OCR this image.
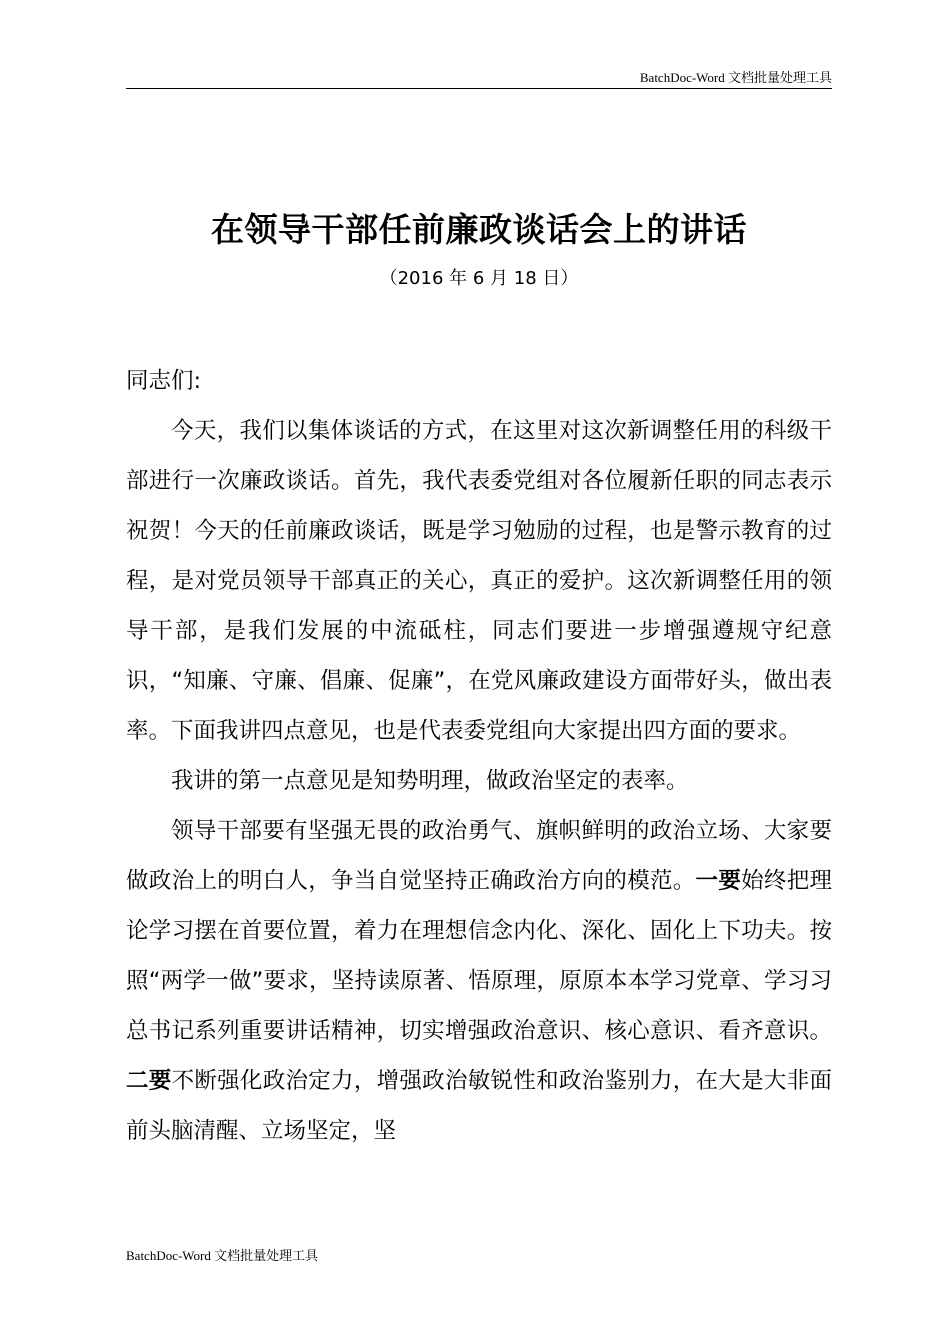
BatchDoc-Word 文档批量处理工具
在领导干部任前廉政谈话会上的讲话
（2016 年 6 月 18 日）

同志们:

今天，我们以集体谈话的方式，在这里对这次新调整任用的科级干部进行一次廉政谈话。首先，我代表委党组对各位履新任职的同志表示祝贺！今天的任前廉政谈话，既是学习勉励的过程，也是警示教育的过程，是对党员领导干部真正的关心，真正的爱护。这次新调整任用的领导干部，是我们发展的中流砥柱，同志们要进一步增强遵规守纪意识，“知廉、守廉、倡廉、促廉”，在党风廉政建设方面带好头，做出表率。下面我讲四点意见，也是代表委党组向大家提出四方面的要求。

我讲的第一点意见是知势明理，做政治坚定的表率。

领导干部要有坚强无畏的政治勇气、旗帜鲜明的政治立场、大家要做政治上的明白人，争当自觉坚持正确政治方向的模范。一要始终把理论学习摆在首要位置，着力在理想信念内化、深化、固化上下功夫。按照“两学一做”要求，坚持读原著、悟原理，原原本本学习党章、学习习总书记系列重要讲话精神，切实增强政治意识、核心意识、看齐意识。二要不断强化政治定力，增强政治敏锐性和政治鉴别力，在大是大非面前头脑清醒、立场坚定，坚

BatchDoc-Word 文档批量处理工具
